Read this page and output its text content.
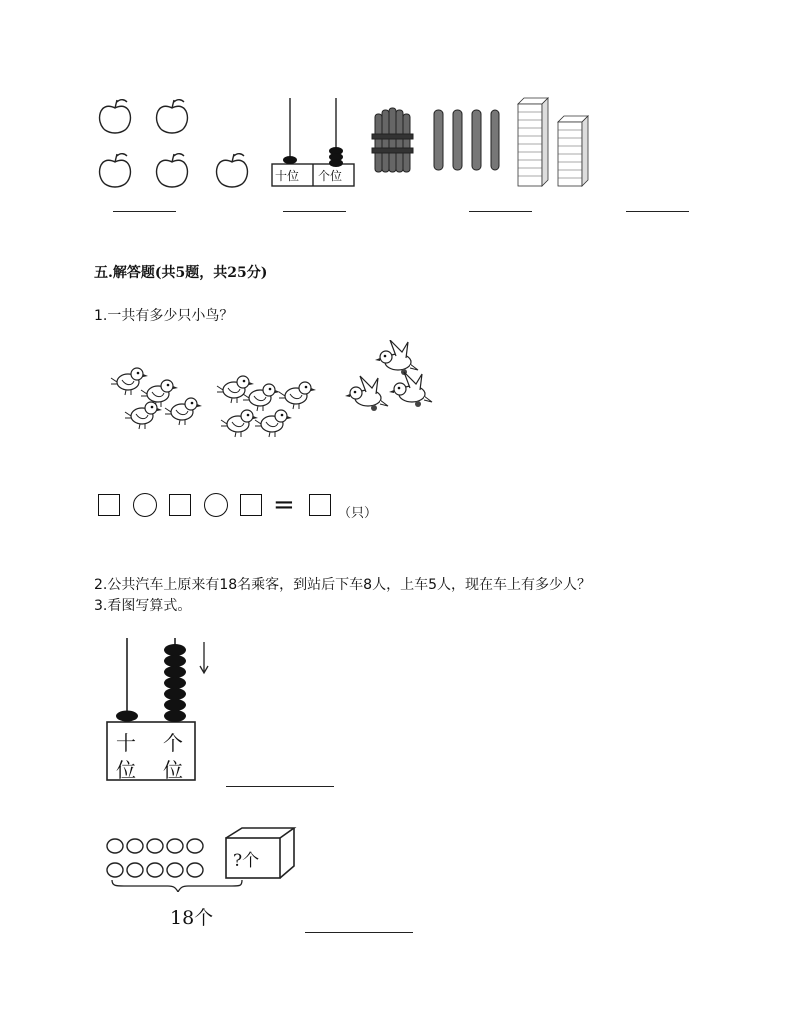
十位 个位
五.解答题(共5题，共25分)
1.一共有多少只小鸟？
=	（只）
2.公共汽车上原来有18名乘客，到站后下车8人，上车5人，现在车上有多少人？
3.看图写算式。
十
位
个
位
?个
18个
